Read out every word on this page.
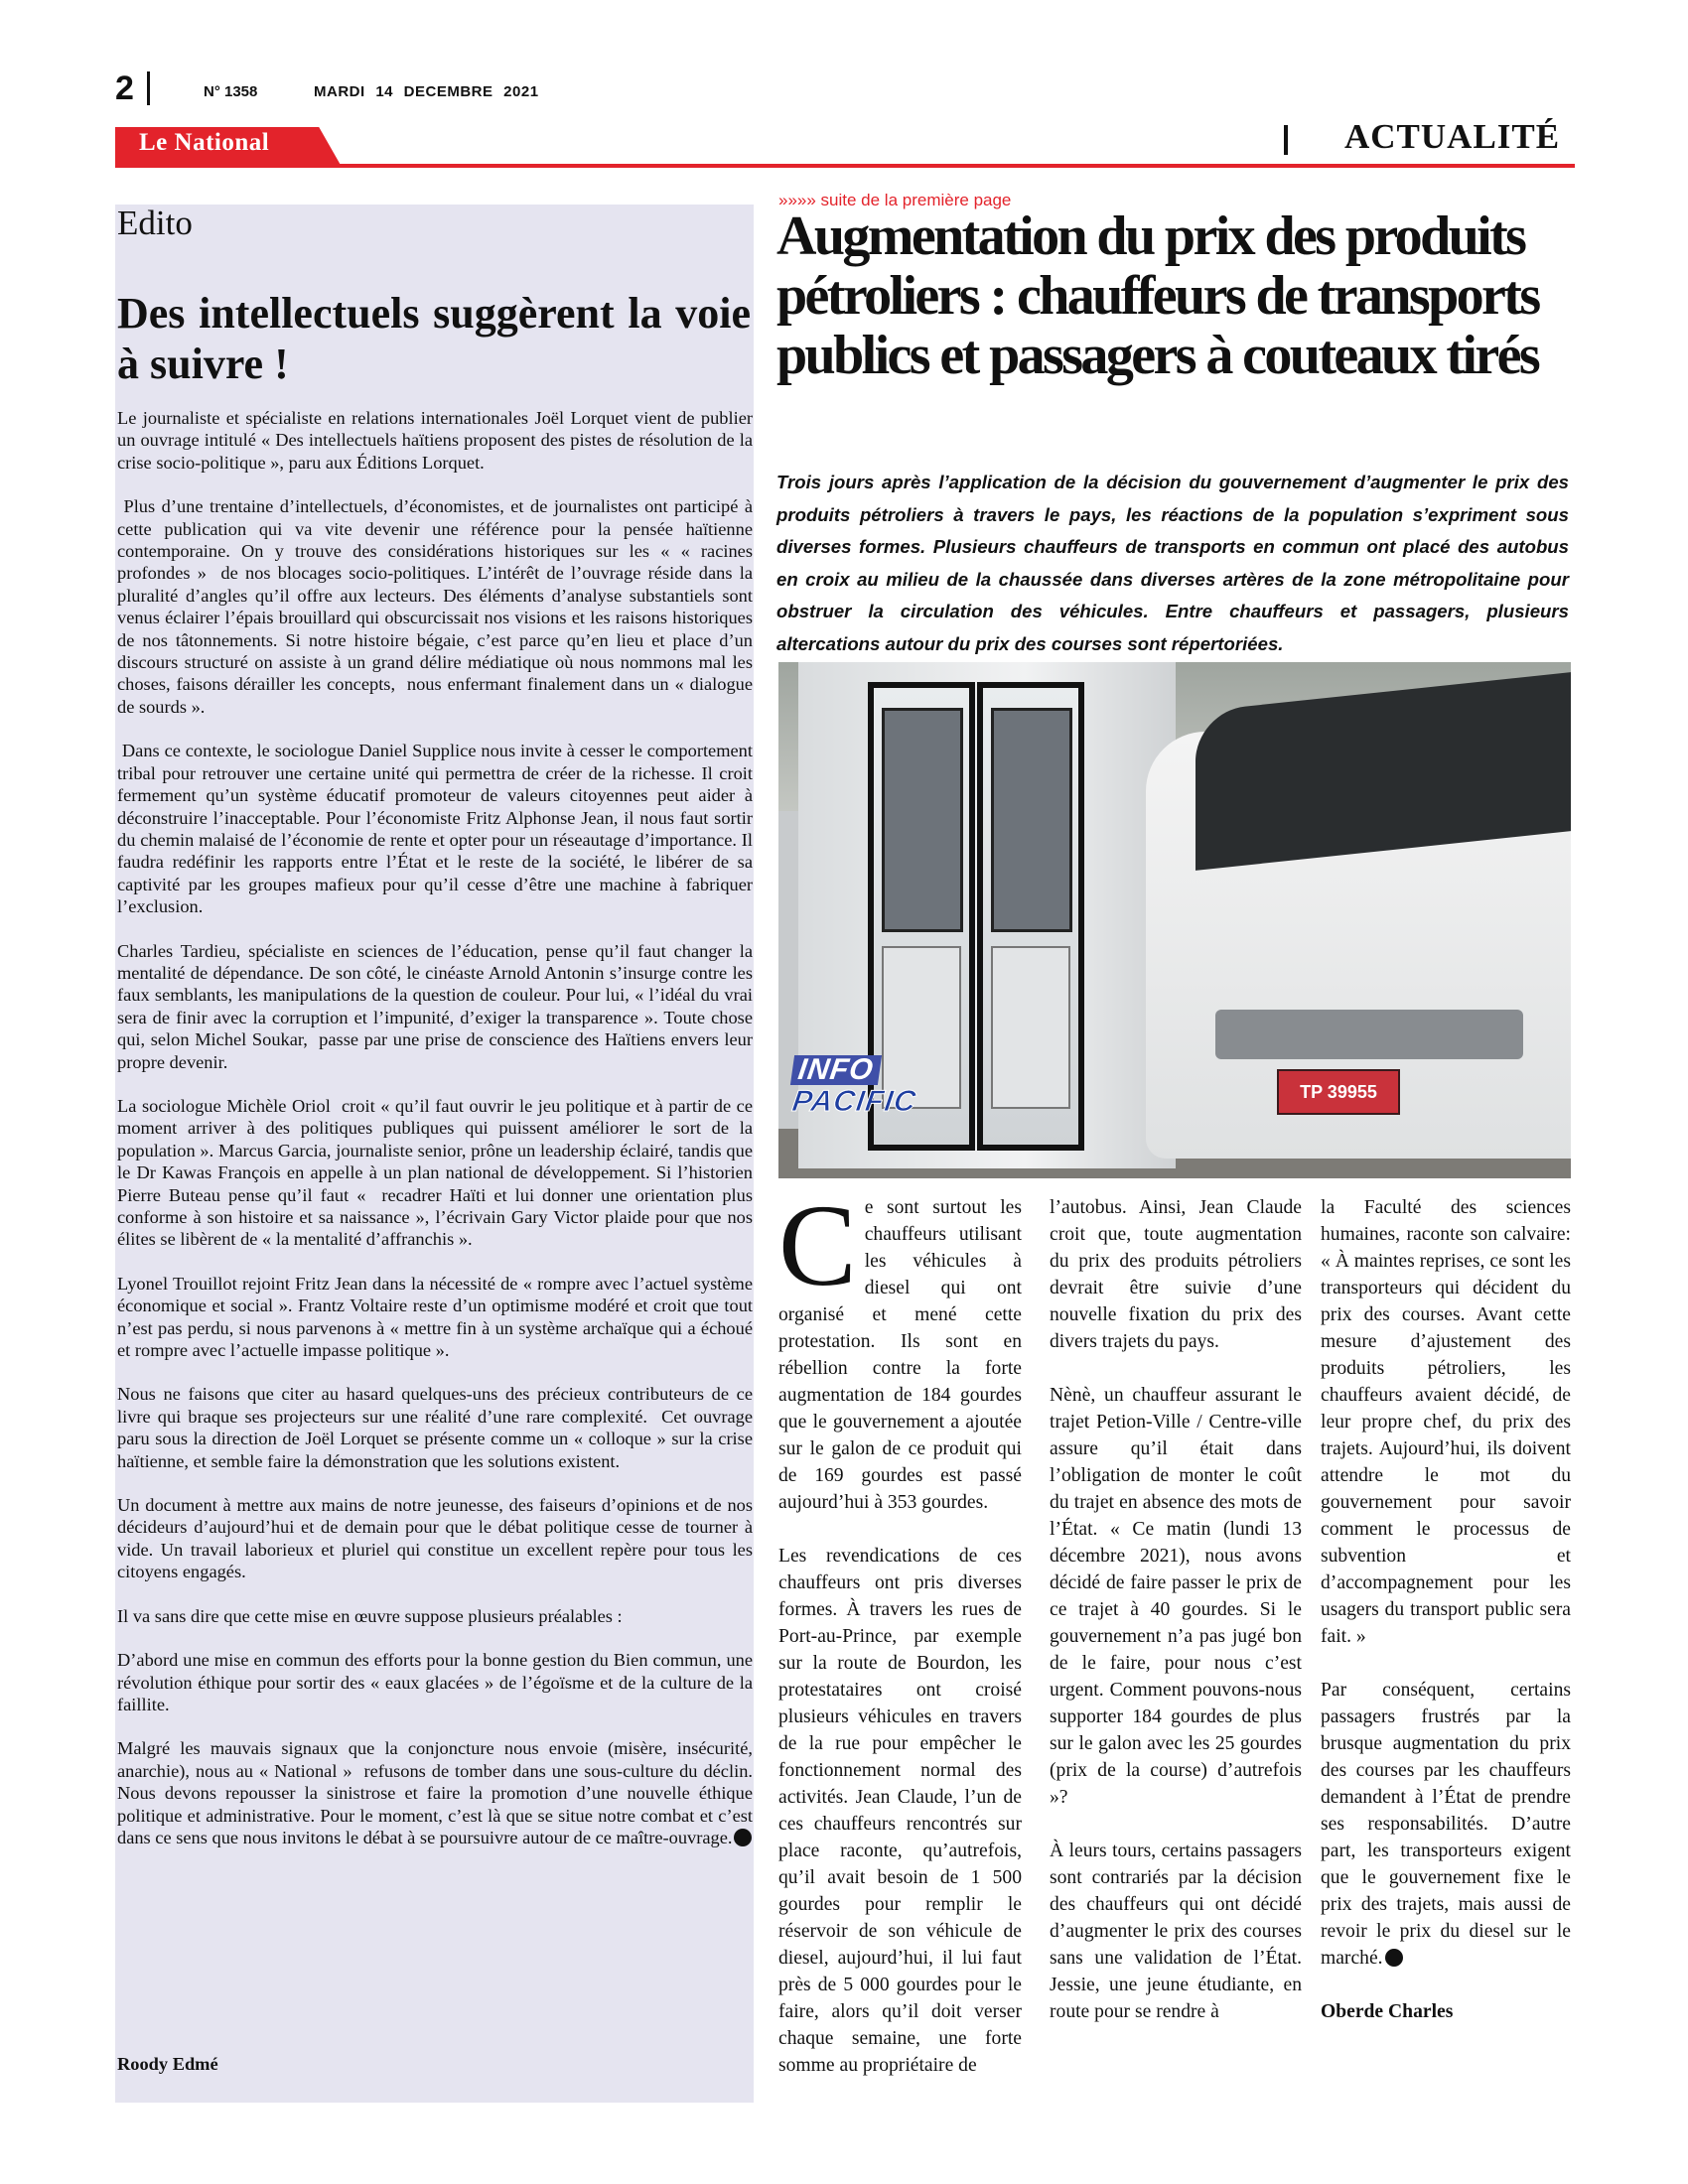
2	N° 1358	MARDI 14 DECEMBRE 2021
Le National	ACTUALITÉ
Edito
Des intellectuels suggèrent la voie à suivre !

Le journaliste et spécialiste en relations internationales Joël Lorquet vient de publier un ouvrage intitulé « Des intellectuels haïtiens proposent des pistes de résolution de la crise socio-politique », paru aux Éditions Lorquet.

Plus d’une trentaine d’intellectuels, d’économistes, et de journalistes ont participé à cette publication qui va vite devenir une référence pour la pensée haïtienne contemporaine. On y trouve des considérations historiques sur les « « racines profondes »  de nos blocages socio-politiques. L’intérêt de l’ouvrage réside dans la pluralité d’angles qu’il offre aux lecteurs. Des éléments d’analyse substantiels sont venus éclairer l’épais brouillard qui obscurcissait nos visions et les raisons historiques de nos tâtonnements. Si notre histoire bégaie, c’est parce qu’en lieu et place d’un discours structuré on assiste à un grand délire médiatique où nous nommons mal les choses, faisons dérailler les concepts,  nous enfermant finalement dans un « dialogue de sourds ».

Dans ce contexte, le sociologue Daniel Supplice nous invite à cesser le comportement tribal pour retrouver une certaine unité qui permettra de créer de la richesse. Il croit fermement qu’un système éducatif promoteur de valeurs citoyennes peut aider à déconstruire l’inacceptable. Pour l’économiste Fritz Alphonse Jean, il nous faut sortir du chemin malaisé de l’économie de rente et opter pour un réseautage d’importance. Il faudra redéfinir les rapports entre l’État et le reste de la société, le libérer de sa captivité par les groupes mafieux pour qu’il cesse d’être une machine à fabriquer l’exclusion.

Charles Tardieu, spécialiste en sciences de l’éducation, pense qu’il faut changer la mentalité de dépendance. De son côté, le cinéaste Arnold Antonin s’insurge contre les faux semblants, les manipulations de la question de couleur. Pour lui, « l’idéal du vrai sera de finir avec la corruption et l’impunité, d’exiger la transparence ». Toute chose qui, selon Michel Soukar,  passe par une prise de conscience des Haïtiens envers leur propre devenir.

La sociologue Michèle Oriol  croit « qu’il faut ouvrir le jeu politique et à partir de ce moment arriver à des politiques publiques qui puissent améliorer le sort de la population ». Marcus Garcia, journaliste senior, prône un leadership éclairé, tandis que le Dr Kawas François en appelle à un plan national de développement. Si l’historien Pierre Buteau pense qu’il faut «  recadrer Haïti et lui donner une orientation plus conforme à son histoire et sa naissance », l’écrivain Gary Victor plaide pour que nos élites se libèrent de « la mentalité d’affranchis ».

Lyonel Trouillot rejoint Fritz Jean dans la nécessité de « rompre avec l’actuel système économique et social ». Frantz Voltaire reste d’un optimisme modéré et croit que tout n’est pas perdu, si nous parvenons à « mettre fin à un système archaïque qui a échoué et rompre avec l’actuelle impasse politique ».

Nous ne faisons que citer au hasard quelques-uns des précieux contributeurs de ce livre qui braque ses projecteurs sur une réalité d’une rare complexité.  Cet ouvrage paru sous la direction de Joël Lorquet se présente comme un « colloque » sur la crise haïtienne, et semble faire la démonstration que les solutions existent.

Un document à mettre aux mains de notre jeunesse, des faiseurs d’opinions et de nos décideurs d’aujourd’hui et de demain pour que le débat politique cesse de tourner à vide. Un travail laborieux et pluriel qui constitue un excellent repère pour tous les citoyens engagés.

Il va sans dire que cette mise en œuvre suppose plusieurs préalables :

D’abord une mise en commun des efforts pour la bonne gestion du Bien commun, une révolution éthique pour sortir des « eaux glacées » de l’égoïsme et de la culture de la faillite.

Malgré les mauvais signaux que la conjoncture nous envoie (misère, insécurité, anarchie), nous au « National »  refusons de tomber dans une sous-culture du déclin. Nous devons repousser la sinistrose et faire la promotion d’une nouvelle éthique politique et administrative. Pour le moment, c’est là que se situe notre combat et c’est dans ce sens que nous invitons le débat à se poursuivre autour de ce maître-ouvrage.

Roody Edmé
»»»» suite de la première page
Augmentation du prix des produits pétroliers : chauffeurs de transports publics et passagers à couteaux tirés
Trois jours après l’application de la décision du gouvernement d’augmenter le prix des produits pétroliers à travers le pays, les réactions de la population s’expriment sous diverses formes. Plusieurs chauffeurs de transports en commun ont placé des autobus en croix au milieu de la chaussée dans diverses artères de la zone métropolitaine pour obstruer la circulation des véhicules. Entre chauffeurs et passagers, plusieurs altercations autour du prix des courses sont répertoriées.
TP 39955
INFO
PACIFIC

Ce sont surtout les chauffeurs utilisant les véhicules à diesel qui ont organisé et mené cette protestation. Ils sont en rébellion contre la forte augmentation de 184 gourdes que le gouvernement a ajoutée sur le galon de ce produit qui de 169 gourdes est passé aujourd’hui à 353 gourdes.

Les revendications de ces chauffeurs ont pris diverses formes. À travers les rues de Port-au-Prince, par exemple sur la route de Bourdon, les protestataires ont croisé plusieurs véhicules en travers de la rue pour empêcher le fonctionnement normal des activités. Jean Claude, l’un de ces chauffeurs rencontrés sur place raconte, qu’autrefois, qu’il avait besoin de 1 500 gourdes pour remplir le réservoir de son véhicule de diesel, aujourd’hui, il lui faut près de 5 000 gourdes pour le faire, alors qu’il doit verser chaque semaine, une forte somme au propriétaire de

l’autobus. Ainsi, Jean Claude croit que, toute augmentation du prix des produits pétroliers devrait être suivie d’une nouvelle fixation du prix des divers trajets du pays.

Nènè, un chauffeur assurant le trajet Petion-Ville / Centre-ville assure qu’il était dans l’obligation de monter le coût du trajet en absence des mots de l’État. « Ce matin (lundi 13 décembre 2021), nous avons décidé de faire passer le prix de ce trajet à 40 gourdes. Si le gouvernement n’a pas jugé bon de le faire, pour nous c’est urgent. Comment pouvons-nous supporter 184 gourdes de plus sur le galon avec les 25 gourdes (prix de la course) d’autrefois »?

À leurs tours, certains passagers sont contrariés par la décision des chauffeurs qui ont décidé d’augmenter le prix des courses sans une validation de l’État. Jessie, une jeune étudiante, en route pour se rendre à

la Faculté des sciences humaines, raconte son calvaire: « À maintes reprises, ce sont les transporteurs qui décident du prix des courses. Avant cette mesure d’ajustement des produits pétroliers, les chauffeurs avaient décidé, de leur propre chef, du prix des trajets. Aujourd’hui, ils doivent attendre le mot du gouvernement pour savoir comment le processus de subvention et d’accompagnement pour les usagers du transport public sera fait. »

Par conséquent, certains passagers frustrés par la brusque augmentation du prix des courses par les chauffeurs demandent à l’État de prendre ses responsabilités. D’autre part, les transporteurs exigent que le gouvernement fixe le prix des trajets, mais aussi de revoir le prix du diesel sur le marché.

Oberde Charles
